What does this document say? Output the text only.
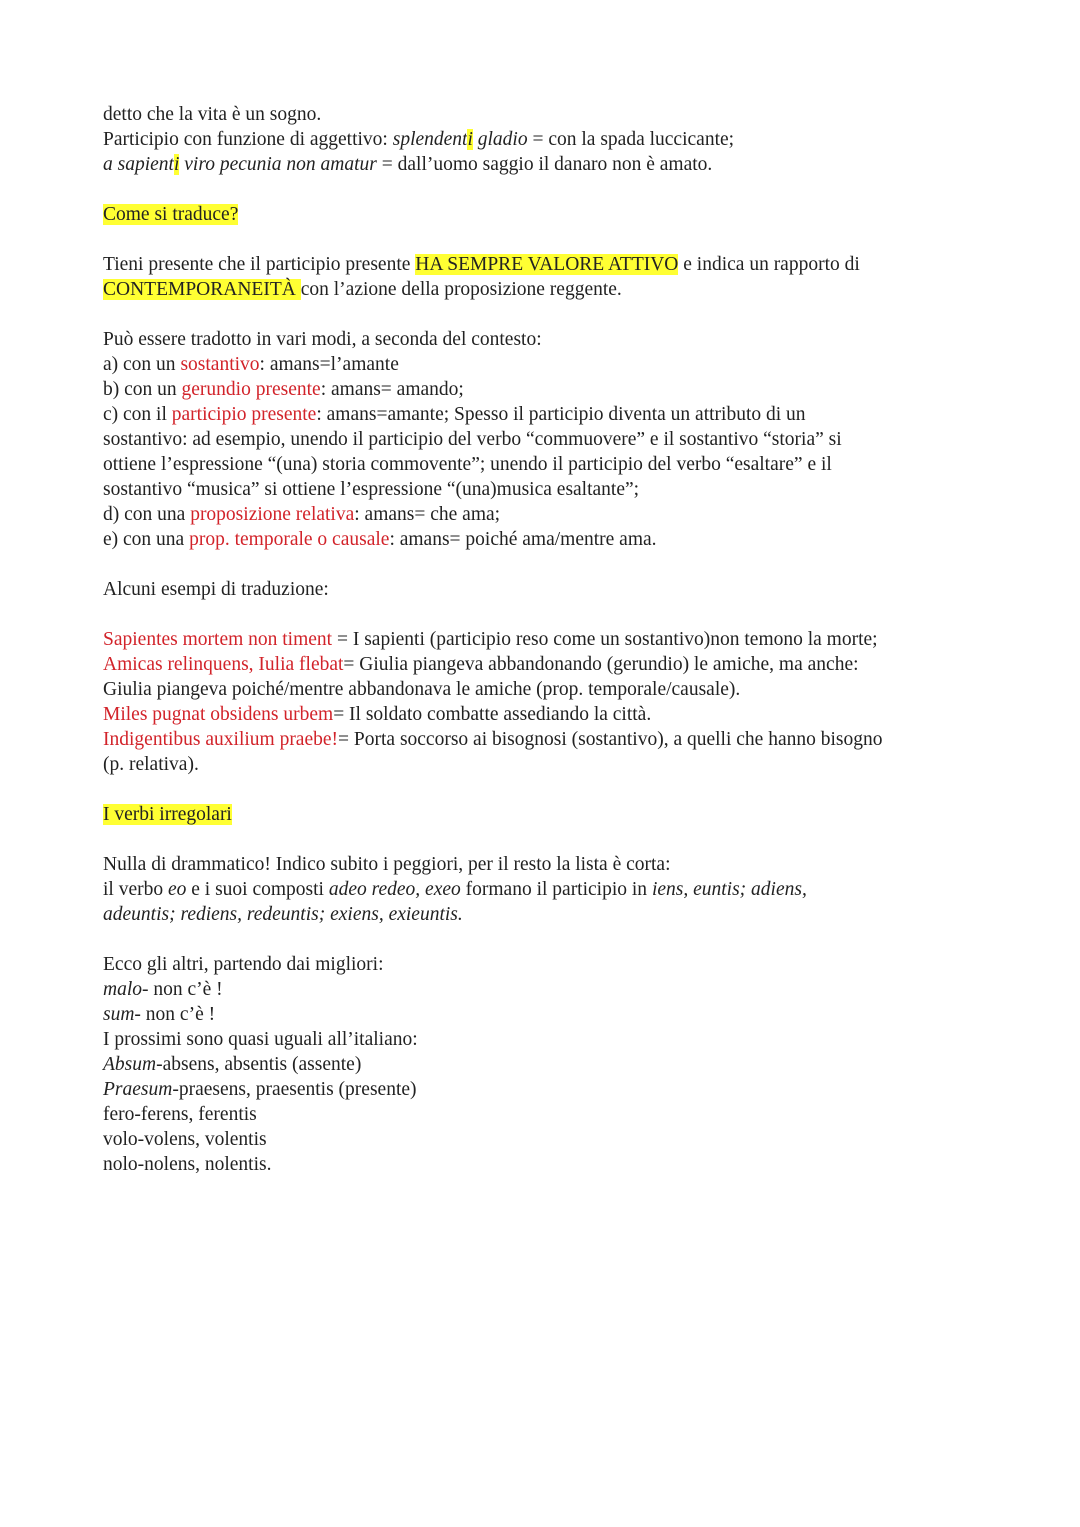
detto che la vita è un sogno.
Participio con funzione di aggettivo: splendenti gladio = con la spada luccicante;
a sapienti viro pecunia non amatur = dall’uomo saggio il danaro non è amato.
Come si traduce?
Tieni presente che il participio presente HA SEMPRE VALORE ATTIVO e indica un rapporto di
CONTEMPORANEITÀ con l’azione della proposizione reggente.
Può essere tradotto in vari modi, a seconda del contesto:
a) con un sostantivo: amans=l’amante
b) con un gerundio presente: amans= amando;
c) con il participio presente: amans=amante; Spesso il participio diventa un attributo di un
sostantivo: ad esempio, unendo il participio del verbo “commuovere” e il sostantivo “storia” si
ottiene l’espressione “(una) storia commovente”; unendo il participio del verbo “esaltare” e il
sostantivo “musica” si ottiene l’espressione “(una)musica esaltante”;
d) con una proposizione relativa: amans= che ama;
e) con una prop. temporale o causale: amans= poiché ama/mentre ama.
Alcuni esempi di traduzione:
Sapientes mortem non timent = I sapienti (participio reso come un sostantivo)non temono la morte;
Amicas relinquens, Iulia flebat= Giulia piangeva abbandonando (gerundio) le amiche, ma anche:
Giulia piangeva poiché/mentre abbandonava le amiche (prop. temporale/causale).
Miles pugnat obsidens urbem= Il soldato combatte assediando la città.
Indigentibus auxilium praebe!= Porta soccorso ai bisognosi (sostantivo), a quelli che hanno bisogno
(p. relativa).
I verbi irregolari
Nulla di drammatico! Indico subito i peggiori, per il resto la lista è corta:
il verbo eo e i suoi composti adeo redeo, exeo formano il participio in iens, euntis; adiens,
adeuntis; rediens, redeuntis; exiens, exieuntis.
Ecco gli altri, partendo dai migliori:
malo- non c’è !
sum- non c’è !
I prossimi sono quasi uguali all’italiano:
Absum-absens, absentis (assente)
Praesum-praesens, praesentis (presente)
fero-ferens, ferentis
volo-volens, volentis
nolo-nolens, nolentis.
